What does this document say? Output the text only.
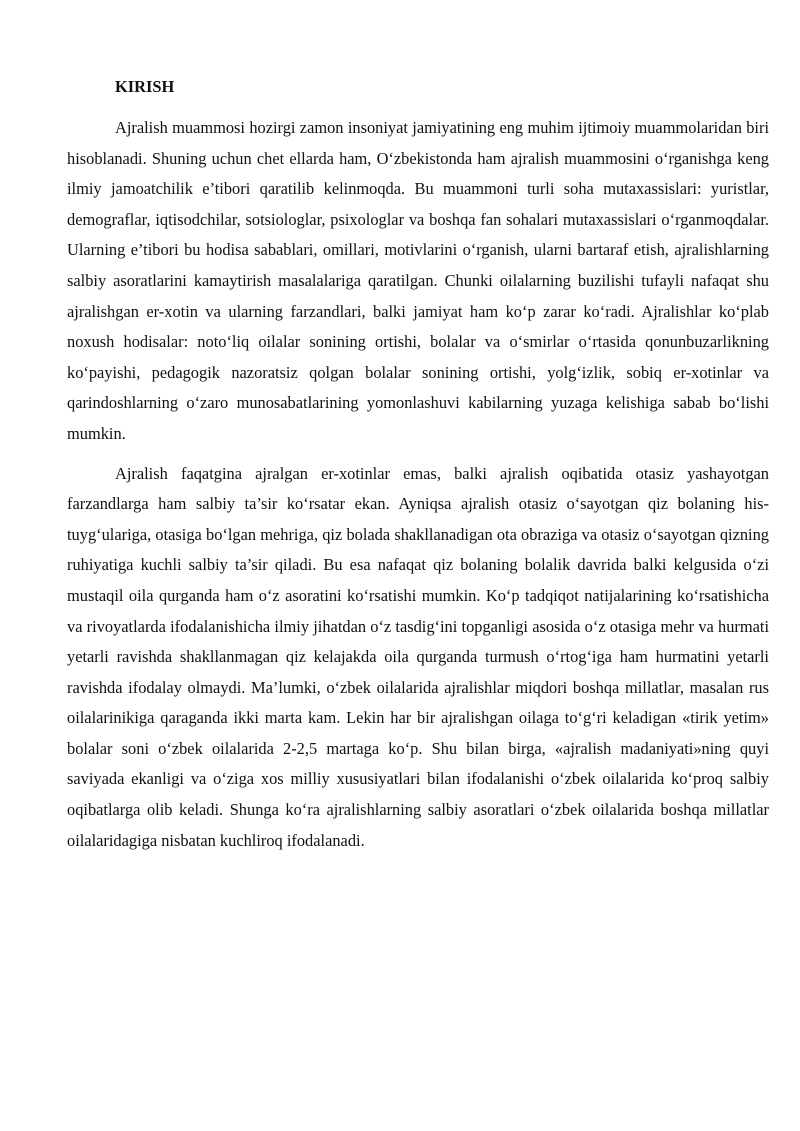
KIRISH

Ajralish muammosi hozirgi zamon insoniyat jamiyatining eng muhim ijtimoiy muammolaridan biri hisoblanadi. Shuning uchun chet ellarda ham, O‘zbekistonda ham ajralish muammosini o‘rganishga keng ilmiy jamoatchilik e’tibori qaratilib kelinmoqda. Bu muammoni turli soha mutaxassislari: yuristlar, demograflar, iqtisodchilar, sotsiologlar, psixologlar va boshqa fan sohalari mutaxassislari o‘rganmoqdalar. Ularning e’tibori bu hodisa sabablari, omillari, motivlarini o‘rganish, ularni bartaraf etish, ajralishlarning salbiy asoratlarini kamaytirish masalalariga qaratilgan. Chunki oilalarning buzilishi tufayli nafaqat shu ajralishgan er-xotin va ularning farzandlari, balki jamiyat ham ko‘p zarar ko‘radi. Ajralishlar ko‘plab noxush hodisalar: noto‘liq oilalar sonining ortishi, bolalar va o‘smirlar o‘rtasida qonunbuzarlikning ko‘payishi, pedagogik nazoratsiz qolgan bolalar sonining ortishi, yolg‘izlik, sobiq er-xotinlar va qarindoshlarning o‘zaro munosabatlarining yomonlashuvi kabilarning yuzaga kelishiga sabab bo‘lishi mumkin.

Ajralish faqatgina ajralgan er-xotinlar emas, balki ajralish oqibatida otasiz yashayotgan farzandlarga ham salbiy ta’sir ko‘rsatar ekan. Ayniqsa ajralish otasiz o‘sayotgan qiz bolaning his-tuyg‘ulariga, otasiga bo‘lgan mehriga, qiz bolada shakllanadigan ota obraziga va otasiz o‘sayotgan qizning ruhiyatiga kuchli salbiy ta’sir qiladi. Bu esa nafaqat qiz bolaning bolalik davrida balki kelgusida o‘zi mustaqil oila qurganda ham o‘z asoratini ko‘rsatishi mumkin. Ko‘p tadqiqot natijalarining ko‘rsatishicha va rivoyatlarda ifodalanishicha ilmiy jihatdan o‘z tasdig‘ini topganligi asosida o‘z otasiga mehr va hurmati yetarli ravishda shakllanmagan qiz kelajakda oila qurganda turmush o‘rtog‘iga ham hurmatini yetarli ravishda ifodalay olmaydi. Ma’lumki, o‘zbek oilalarida ajralishlar miqdori boshqa millatlar, masalan rus oilalarinikiga qaraganda ikki marta kam. Lekin har bir ajralishgan oilaga to‘g‘ri keladigan «tirik yetim» bolalar soni o‘zbek oilalarida 2-2,5 martaga ko‘p. Shu bilan birga, «ajralish madaniyati»ning quyi saviyada ekanligi va o‘ziga xos milliy xususiyatlari bilan ifodalanishi o‘zbek oilalarida ko‘proq salbiy oqibatlarga olib keladi. Shunga ko‘ra ajralishlarning salbiy asoratlari o‘zbek oilalarida boshqa millatlar oilalaridagiga nisbatan kuchliroq ifodalanadi.
